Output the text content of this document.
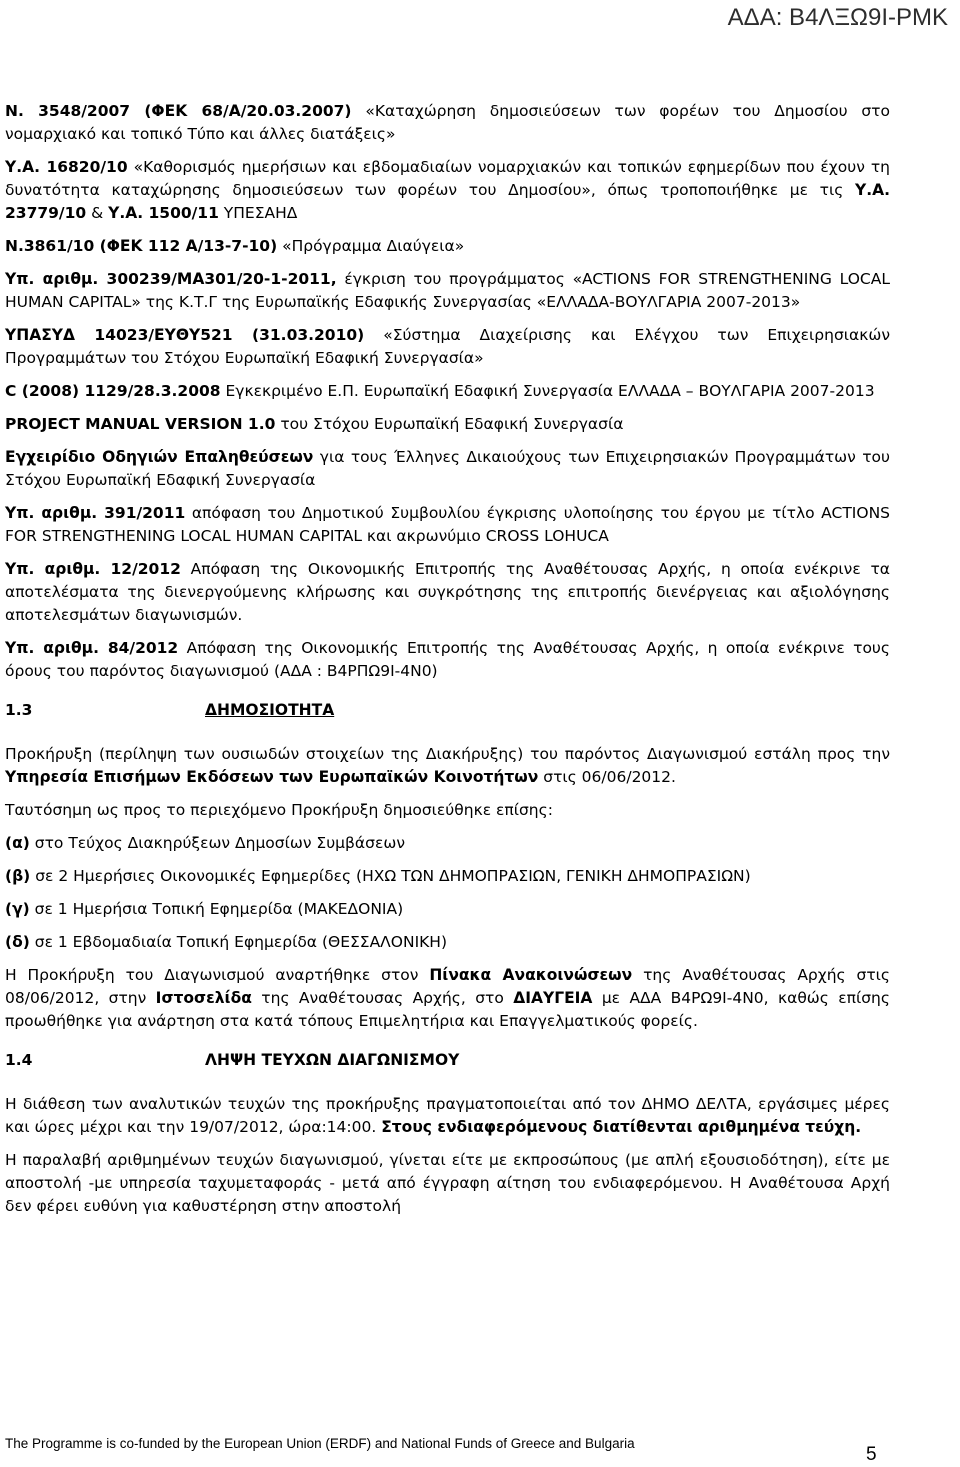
ΑΔΑ: Β4ΛΞΩ9Ι-ΡΜΚ

N. 3548/2007 (ΦΕΚ 68/Α/20.03.2007) «Καταχώρηση δημοσιεύσεων των φορέων του Δημοσίου στο νομαρχιακό και τοπικό Τύπο και άλλες διατάξεις»

Υ.Α. 16820/10 «Καθορισμός ημερήσιων και εβδομαδιαίων νομαρχιακών και τοπικών εφημερίδων που έχουν τη δυνατότητα καταχώρησης δημοσιεύσεων των φορέων του Δημοσίου», όπως τροποποιήθηκε με τις Υ.Α. 23779/10 & Υ.Α. 1500/11 ΥΠΕΣΑΗΔ

N.3861/10 (ΦΕΚ 112 Α/13-7-10) «Πρόγραμμα Διαύγεια»

Υπ. αριθμ. 300239/ΜΑ301/20-1-2011, έγκριση του προγράμματος «ACTIONS FOR STRENGTHENING LOCAL HUMAN CAPITAL» της Κ.Τ.Γ της Ευρωπαϊκής Εδαφικής Συνεργασίας «ΕΛΛΑΔΑ-ΒΟΥΛΓΑΡΙΑ 2007-2013»

ΥΠΑΣΥΔ 14023/ΕΥΘΥ521 (31.03.2010) «Σύστημα Διαχείρισης και Ελέγχου των Επιχειρησιακών Προγραμμάτων του Στόχου Ευρωπαϊκή Εδαφική Συνεργασία»

C (2008) 1129/28.3.2008 Εγκεκριμένο Ε.Π. Ευρωπαϊκή Εδαφική Συνεργασία ΕΛΛΑΔΑ – ΒΟΥΛΓΑΡΙΑ 2007-2013

PROJECT MANUAL VERSION 1.0 του Στόχου Ευρωπαϊκή Εδαφική Συνεργασία

Εγχειρίδιο Οδηγιών Επαληθεύσεων για τους Έλληνες Δικαιούχους των Επιχειρησιακών Προγραμμάτων του Στόχου Ευρωπαϊκή Εδαφική Συνεργασία

Υπ. αριθμ. 391/2011 απόφαση του Δημοτικού Συμβουλίου έγκρισης υλοποίησης του έργου με τίτλο ACTIONS FOR STRENGTHENING LOCAL HUMAN CAPITAL και ακρωνύμιο CROSS LOHUCA

Υπ. αριθμ. 12/2012 Απόφαση της Οικονομικής Επιτροπής της Αναθέτουσας Αρχής, η οποία ενέκρινε τα αποτελέσματα της διενεργούμενης κλήρωσης και συγκρότησης της επιτροπής διενέργειας και αξιολόγησης αποτελεσμάτων διαγωνισμών.

Υπ. αριθμ. 84/2012 Απόφαση της Οικονομικής Επιτροπής της Αναθέτουσας Αρχής, η οποία ενέκρινε τους όρους του παρόντος διαγωνισμού (ΑΔΑ : Β4ΡΠΩ9Ι-4Ν0)

1.3	ΔΗΜΟΣΙΟΤΗΤΑ

Προκήρυξη (περίληψη των ουσιωδών στοιχείων της Διακήρυξης) του παρόντος Διαγωνισμού εστάλη προς την Υπηρεσία Επισήμων Εκδόσεων των Ευρωπαϊκών Κοινοτήτων στις 06/06/2012.

Ταυτόσημη ως προς το περιεχόμενο Προκήρυξη δημοσιεύθηκε επίσης:

(α) στο Τεύχος Διακηρύξεων Δημοσίων Συμβάσεων

(β) σε 2 Ημερήσιες Οικονομικές Εφημερίδες (ΗΧΩ ΤΩΝ ΔΗΜΟΠΡΑΣΙΩΝ, ΓΕΝΙΚΗ ΔΗΜΟΠΡΑΣΙΩΝ)

(γ) σε 1 Ημερήσια Τοπική Εφημερίδα (ΜΑΚΕΔΟΝΙΑ)

(δ) σε 1 Εβδομαδιαία Τοπική Εφημερίδα (ΘΕΣΣΑΛΟΝΙΚΗ)

Η Προκήρυξη του Διαγωνισμού αναρτήθηκε στον Πίνακα Ανακοινώσεων της Αναθέτουσας Αρχής στις 08/06/2012, στην Ιστοσελίδα της Αναθέτουσας Αρχής, στο ΔΙΑΥΓΕΙΑ με ΑΔΑ Β4ΡΩ9Ι-4Ν0, καθώς επίσης προωθήθηκε για ανάρτηση στα κατά τόπους Επιμελητήρια και Επαγγελματικούς φορείς.

1.4	ΛΗΨΗ ΤΕΥΧΩΝ ΔΙΑΓΩΝΙΣΜΟΥ

Η διάθεση των αναλυτικών τευχών της προκήρυξης πραγματοποιείται από τον ΔΗΜΟ ΔΕΛΤΑ, εργάσιμες μέρες και ώρες μέχρι και την 19/07/2012, ώρα:14:00. Στους ενδιαφερόμενους διατίθενται αριθμημένα τεύχη.

Η παραλαβή αριθμημένων τευχών διαγωνισμού, γίνεται είτε με εκπροσώπους (με απλή εξουσιοδότηση), είτε με αποστολή -με υπηρεσία ταχυμεταφοράς - μετά από έγγραφη αίτηση του ενδιαφερόμενου. Η Αναθέτουσα Αρχή δεν φέρει ευθύνη για καθυστέρηση στην αποστολή

The Programme is co-funded by the European Union (ERDF) and National Funds of Greece and Bulgaria
5
